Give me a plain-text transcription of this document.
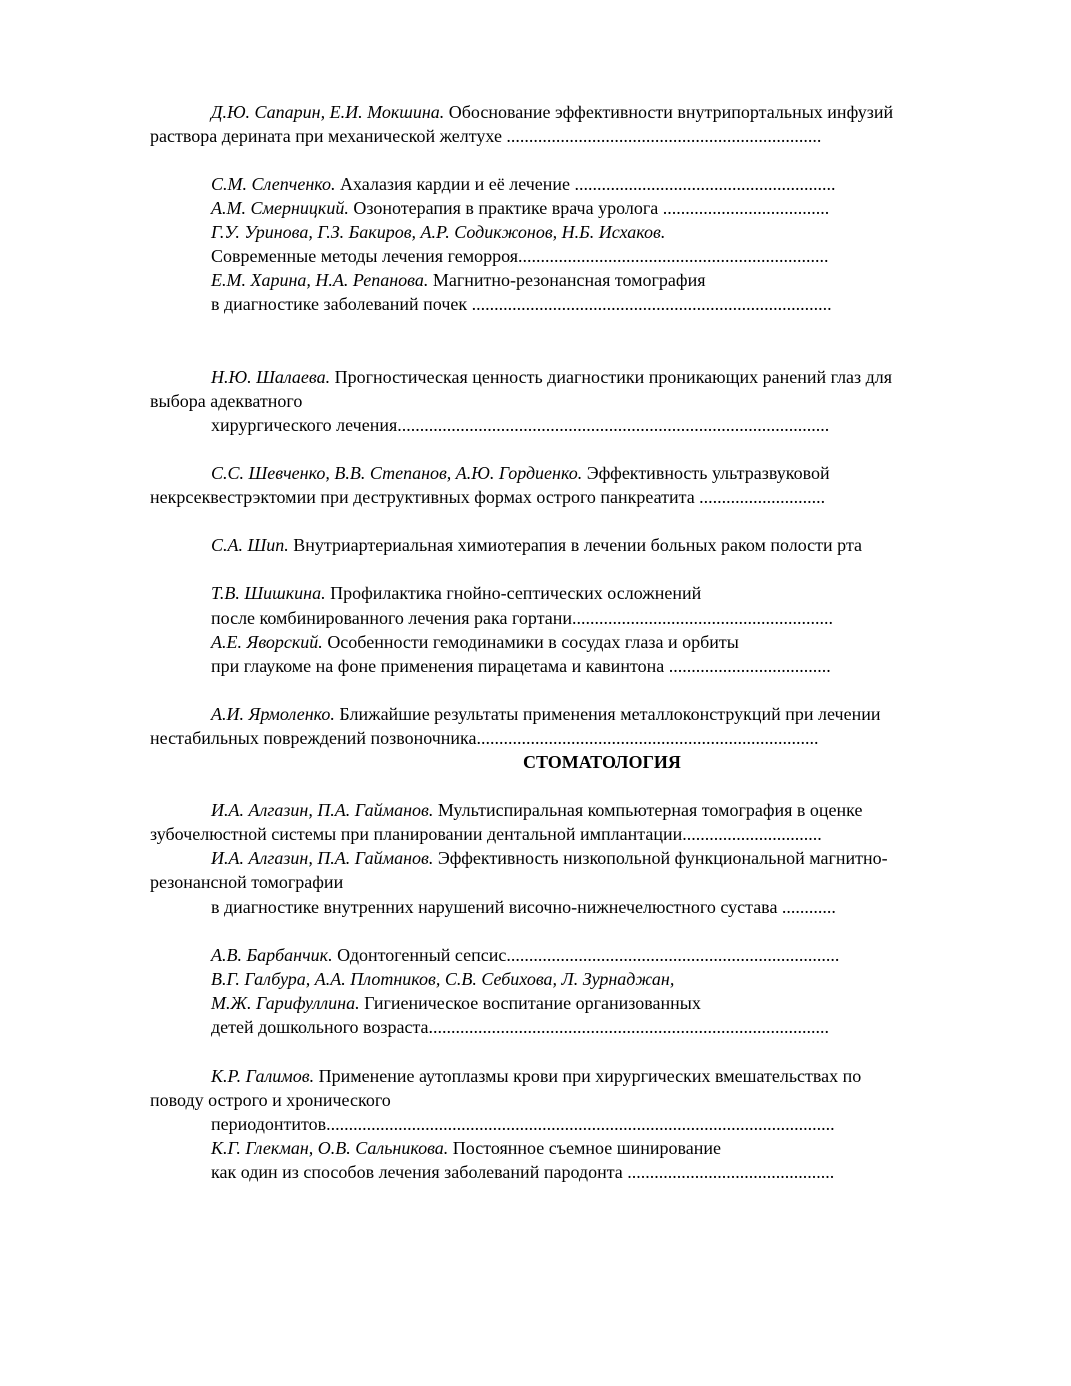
Д.Ю. Сапарин, Е.И. Мокшина. Обоснование эффективности внутрипортальных инфузий
раствора дерината при механической желтухе ......................................................................
С.М. Слепченко. Ахалазия кардии и её лечение ..........................................................
А.М. Смерницкий. Озонотерапия в практике врача уролога .....................................
Г.У. Уринова, Г.З. Бакиров, А.Р. Содикжонов, Н.Б. Исхаков.
Современные методы лечения геморроя.....................................................................
Е.М. Харина, Н.А. Репанова. Магнитно-резонансная томография
в диагностике заболеваний почек ................................................................................
Н.Ю. Шалаева. Прогностическая ценность диагностики проникающих ранений глаз для
выбора адекватного
хирургического лечения................................................................................................
С.С. Шевченко, В.В. Степанов, А.Ю. Гордиенко. Эффективность ультразвуковой
некрсеквестрэктомии при деструктивных формах острого панкреатита ............................
С.А. Шип. Внутриартериальная химиотерапия в лечении больных раком полости рта
Т.В. Шишкина. Профилактика гнойно-септических осложнений
после комбинированного лечения рака гортани..........................................................
А.Е. Яворский. Особенности гемодинамики в сосудах глаза и орбиты
при глаукоме на фоне применения пирацетама и кавинтона ....................................
А.И. Ярмоленко. Ближайшие результаты применения металлоконструкций при лечении
нестабильных повреждений позвоночника............................................................................
СТОМАТОЛОГИЯ
И.А. Алгазин, П.А. Гайманов. Мультиспиральная компьютерная томография в оценке
зубочелюстной системы при планировании дентальной имплантации...............................
И.А. Алгазин, П.А. Гайманов. Эффективность низкопольной функциональной магнитно-
резонансной томографии
в диагностике внутренних нарушений височно-нижнечелюстного сустава ............
А.В. Барбанчик. Одонтогенный сепсис..........................................................................
В.Г. Галбура, А.А. Плотников, С.В. Себихова, Л. Зурнаджан,
М.Ж. Гарифуллина. Гигиеническое воспитание организованных
детей дошкольного возраста.........................................................................................
К.Р. Галимов. Применение аутоплазмы крови при хирургических вмешательствах по
поводу острого и хронического
периодонтитов.................................................................................................................
К.Г. Глекман, О.В. Сальникова. Постоянное съемное шинирование
как один из способов лечения заболеваний пародонта ..............................................
